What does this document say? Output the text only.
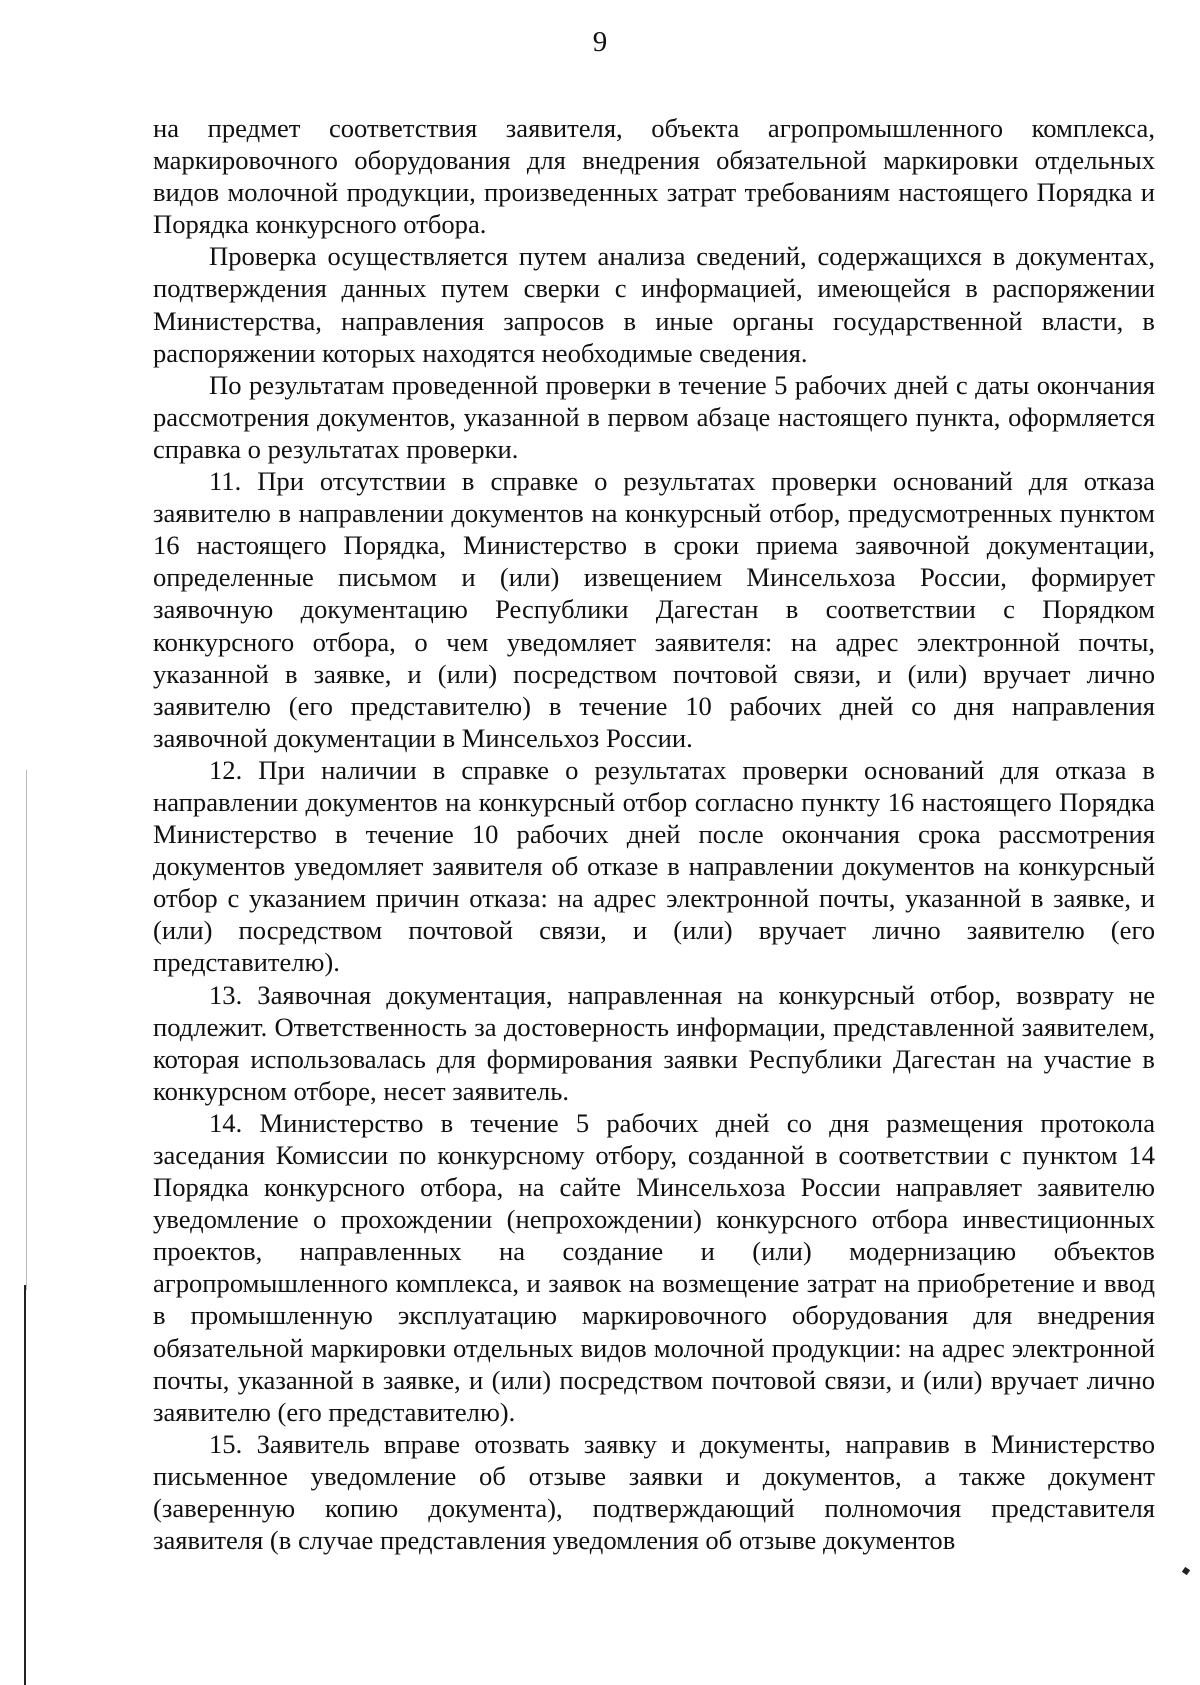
9

на предмет соответствия заявителя, объекта агропромышленного комплекса, маркировочного оборудования для внедрения обязательной маркировки отдельных видов молочной продукции, произведенных затрат требованиям настоящего Порядка и Порядка конкурсного отбора.

Проверка осуществляется путем анализа сведений, содержащихся в документах, подтверждения данных путем сверки с информацией, имеющейся в распоряжении Министерства, направления запросов в иные органы государственной власти, в распоряжении которых находятся необходимые сведения.

По результатам проведенной проверки в течение 5 рабочих дней с даты окончания рассмотрения документов, указанной в первом абзаце настоящего пункта, оформляется справка о результатах проверки.

11. При отсутствии в справке о результатах проверки оснований для отказа заявителю в направлении документов на конкурсный отбор, предусмотренных пунктом 16 настоящего Порядка, Министерство в сроки приема заявочной документации, определенные письмом и (или) извещением Минсельхоза России, формирует заявочную документацию Республики Дагестан в соответствии с Порядком конкурсного отбора, о чем уведомляет заявителя: на адрес электронной почты, указанной в заявке, и (или) посредством почтовой связи, и (или) вручает лично заявителю (его представителю) в течение 10 рабочих дней со дня направления заявочной документации в Минсельхоз России.

12. При наличии в справке о результатах проверки оснований для отказа в направлении документов на конкурсный отбор согласно пункту 16 настоящего Порядка Министерство в течение 10 рабочих дней после окончания срока рассмотрения документов уведомляет заявителя об отказе в направлении документов на конкурсный отбор с указанием причин отказа: на адрес электронной почты, указанной в заявке, и (или) посредством почтовой связи, и (или) вручает лично заявителю (его представителю).

13. Заявочная документация, направленная на конкурсный отбор, возврату не подлежит. Ответственность за достоверность информации, представленной заявителем, которая использовалась для формирования заявки Республики Дагестан на участие в конкурсном отборе, несет заявитель.

14. Министерство в течение 5 рабочих дней со дня размещения протокола заседания Комиссии по конкурсному отбору, созданной в соответствии с пунктом 14 Порядка конкурсного отбора, на сайте Минсельхоза России направляет заявителю уведомление о прохождении (непрохождении) конкурсного отбора инвестиционных проектов, направленных на создание и (или) модернизацию объектов агропромышленного комплекса, и заявок на возмещение затрат на приобретение и ввод в промышленную эксплуатацию маркировочного оборудования для внедрения обязательной маркировки отдельных видов молочной продукции: на адрес электронной почты, указанной в заявке, и (или) посредством почтовой связи, и (или) вручает лично заявителю (его представителю).

15. Заявитель вправе отозвать заявку и документы, направив в Министерство письменное уведомление об отзыве заявки и документов, а также документ (заверенную копию документа), подтверждающий полномочия представителя заявителя (в случае представления уведомления об отзыве документов
